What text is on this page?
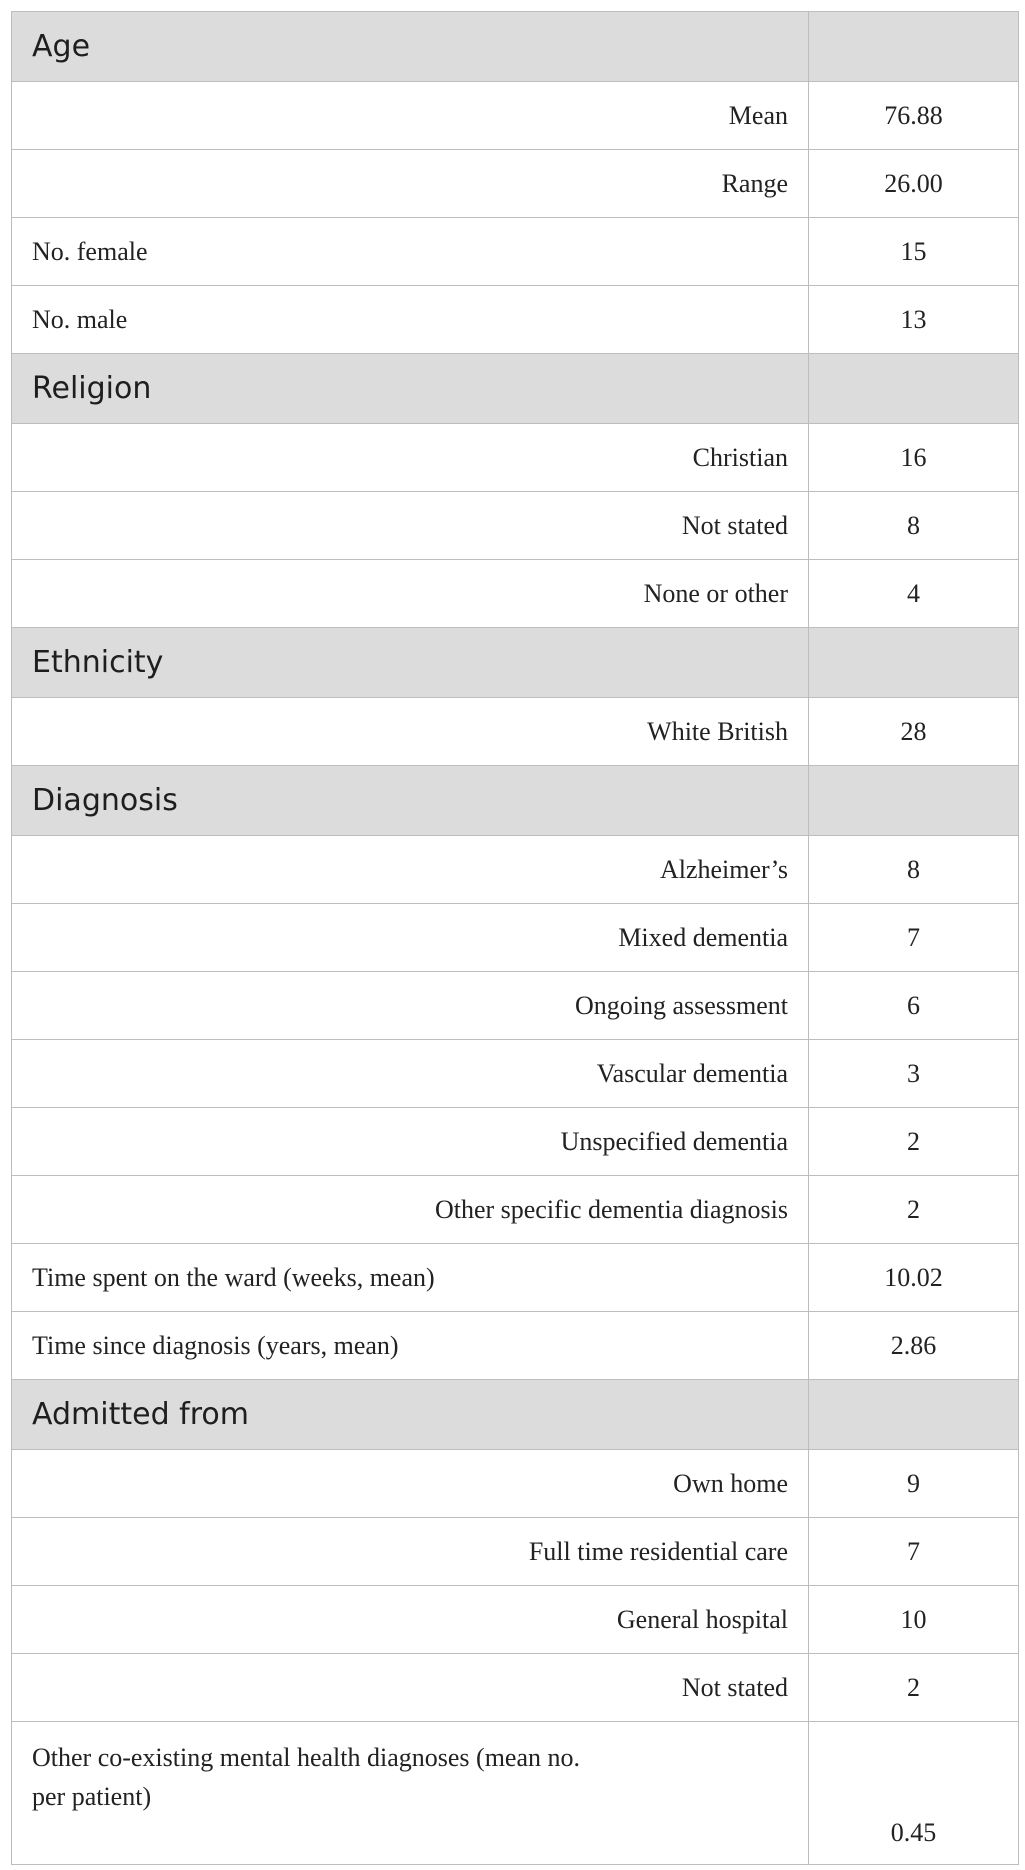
Age	
Mean	76.88
Range	26.00
No. female	15
No. male	13
Religion	
Christian	16
Not stated	8
None or other	4
Ethnicity	
White British	28
Diagnosis	
Alzheimer’s	8
Mixed dementia	7
Ongoing assessment	6
Vascular dementia	3
Unspecified dementia	2
Other specific dementia diagnosis	2
Time spent on the ward (weeks, mean)	10.02
Time since diagnosis (years, mean)	2.86
Admitted from	
Own home	9
Full time residential care	7
General hospital	10
Not stated	2
Other co-existing mental health diagnoses (mean no.
per patient)	0.45
